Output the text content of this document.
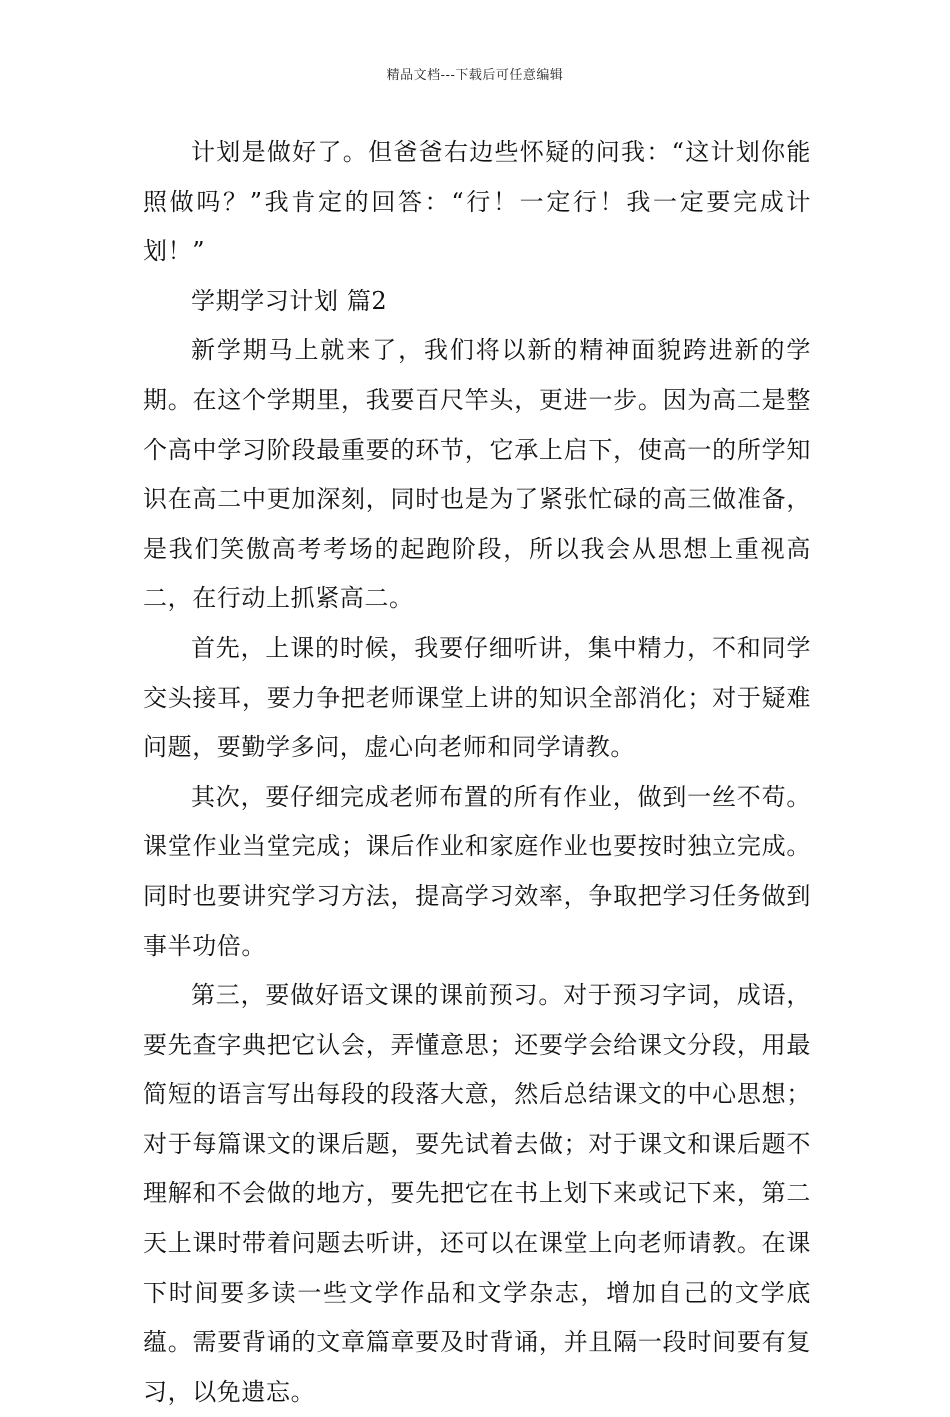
精品文档---下载后可任意编辑

计划是做好了。但爸爸右边些怀疑的问我：“这计划你能照做吗？”我肯定的回答：“行！一定行！我一定要完成计划！”

学期学习计划 篇2

新学期马上就来了，我们将以新的精神面貌跨进新的学期。在这个学期里，我要百尺竿头，更进一步。因为高二是整个高中学习阶段最重要的环节，它承上启下，使高一的所学知识在高二中更加深刻，同时也是为了紧张忙碌的高三做准备，是我们笑傲高考考场的起跑阶段，所以我会从思想上重视高二，在行动上抓紧高二。

首先，上课的时候，我要仔细听讲，集中精力，不和同学交头接耳，要力争把老师课堂上讲的知识全部消化；对于疑难问题，要勤学多问，虚心向老师和同学请教。

其次，要仔细完成老师布置的所有作业，做到一丝不苟。课堂作业当堂完成；课后作业和家庭作业也要按时独立完成。同时也要讲究学习方法，提高学习效率，争取把学习任务做到事半功倍。

第三，要做好语文课的课前预习。对于预习字词，成语，要先查字典把它认会，弄懂意思；还要学会给课文分段，用最简短的语言写出每段的段落大意，然后总结课文的中心思想；对于每篇课文的课后题，要先试着去做；对于课文和课后题不理解和不会做的地方，要先把它在书上划下来或记下来，第二天上课时带着问题去听讲，还可以在课堂上向老师请教。在课下时间要多读一些文学作品和文学杂志，增加自己的文学底蕴。需要背诵的文章篇章要及时背诵，并且隔一段时间要有复习，以免遗忘。
